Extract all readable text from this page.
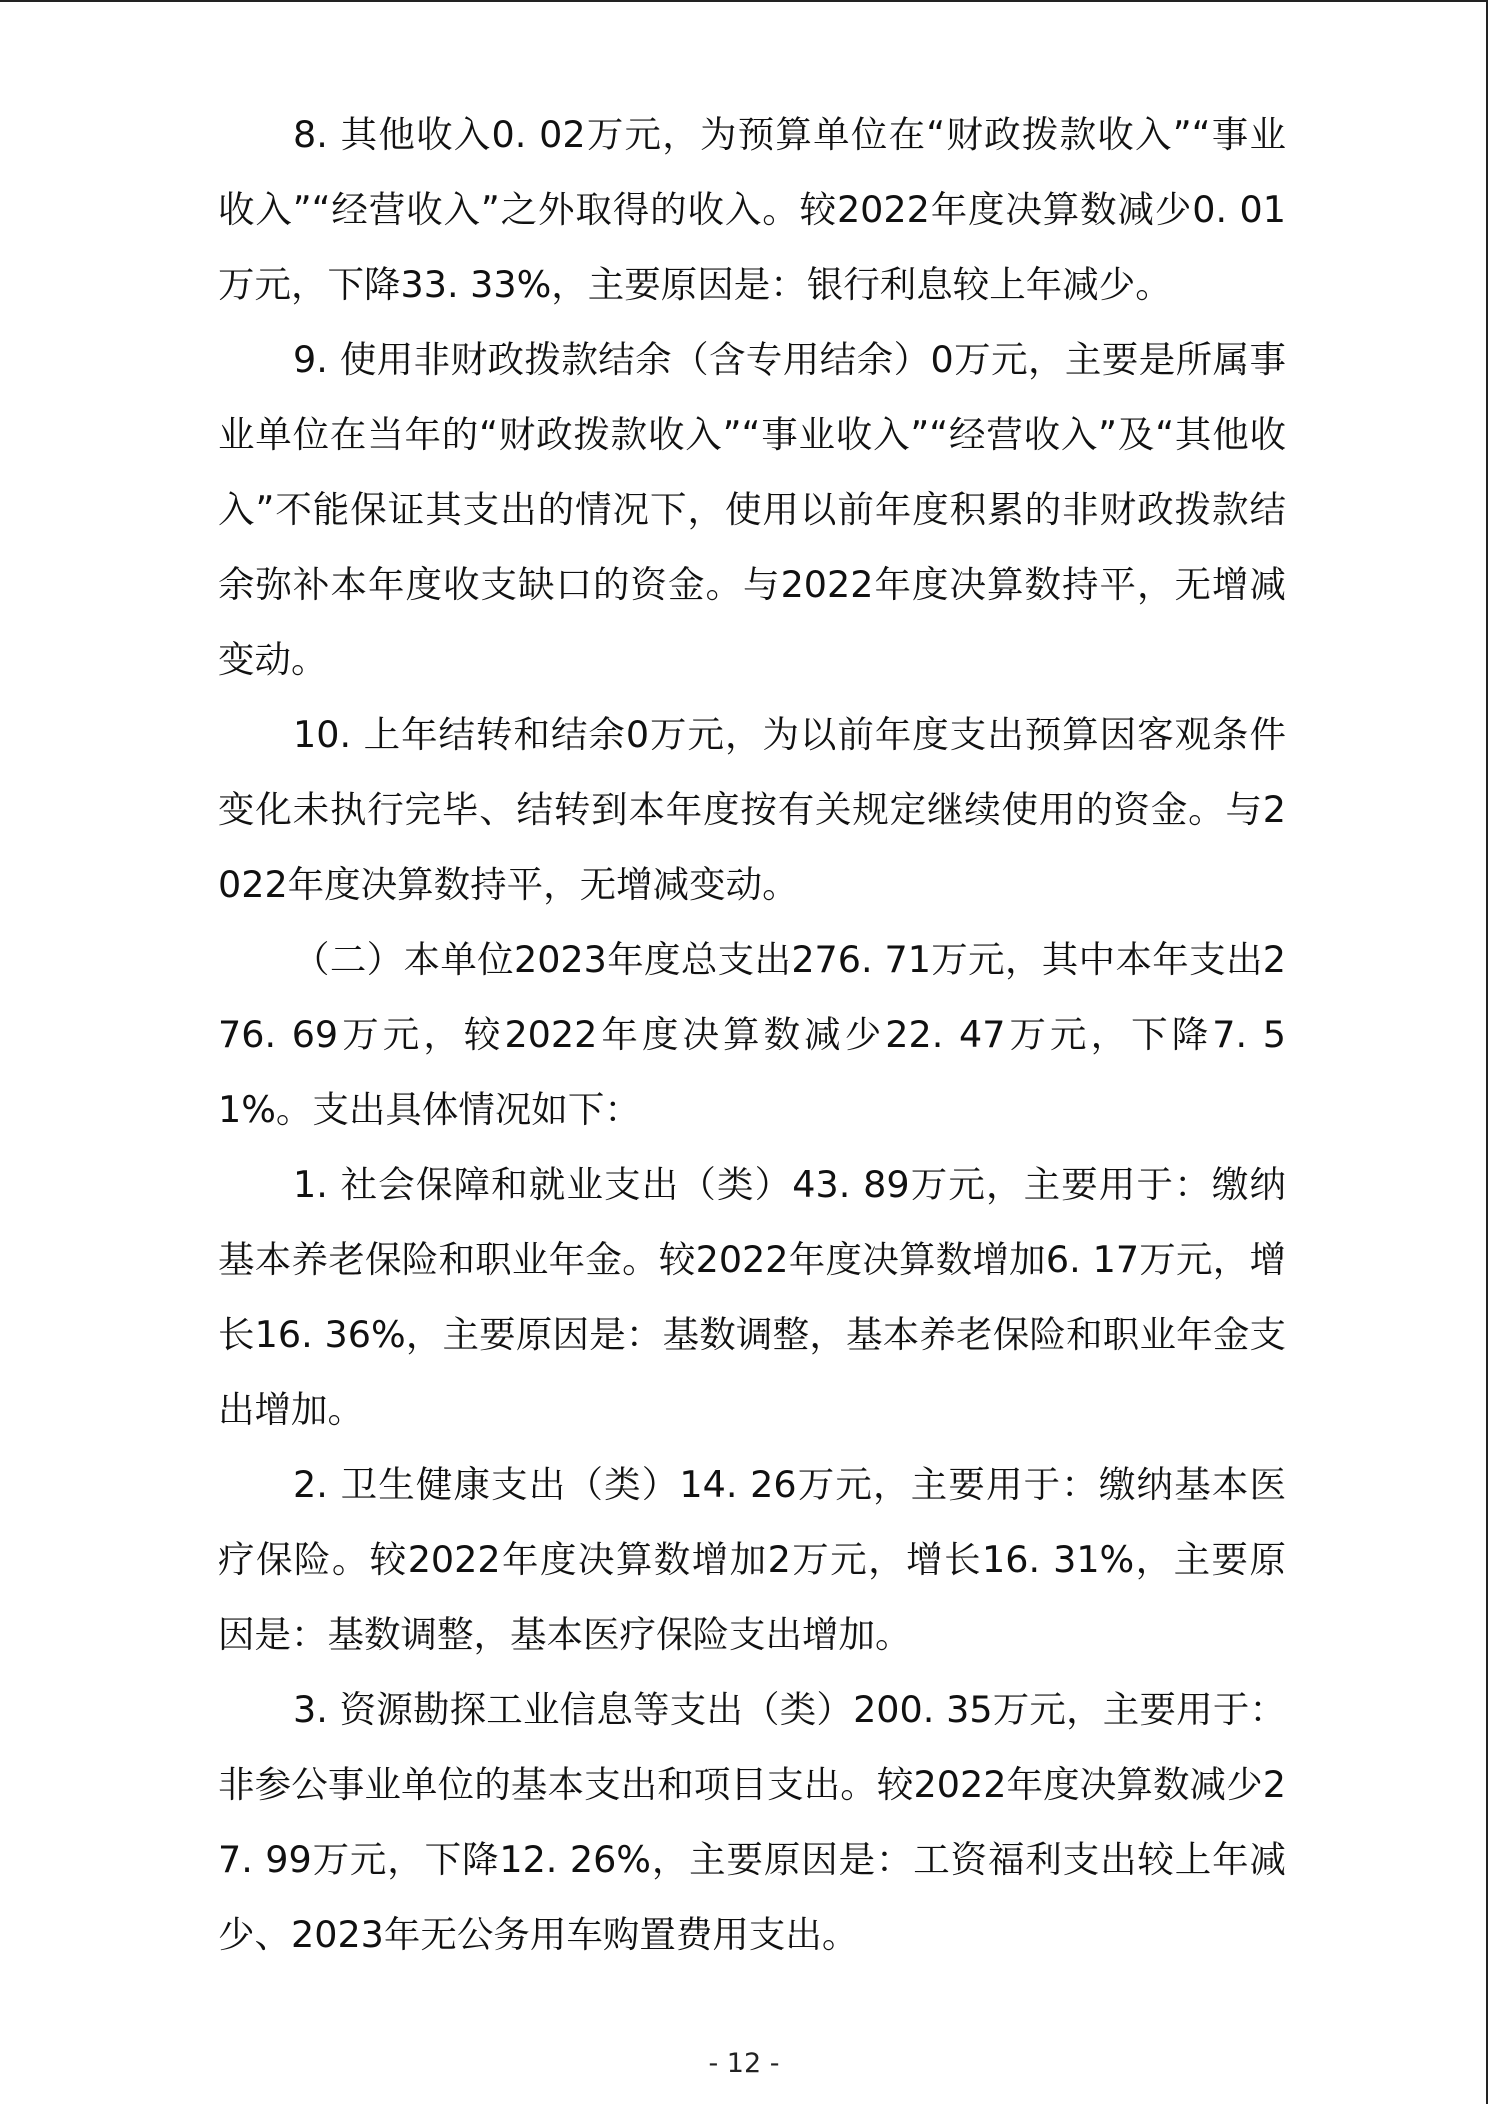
8. 其他收入0. 02万元，为预算单位在“财政拨款收入”“事业收入”“经营收入”之外取得的收入。较2022年度决算数减少0. 01万元，下降33. 33%，主要原因是：银行利息较上年减少。

9. 使用非财政拨款结余（含专用结余）0万元，主要是所属事业单位在当年的“财政拨款收入”“事业收入”“经营收入”及“其他收入”不能保证其支出的情况下，使用以前年度积累的非财政拨款结余弥补本年度收支缺口的资金。与2022年度决算数持平，无增减变动。

10. 上年结转和结余0万元，为以前年度支出预算因客观条件变化未执行完毕、结转到本年度按有关规定继续使用的资金。与2022年度决算数持平，无增减变动。

（二）本单位2023年度总支出276. 71万元，其中本年支出276. 69万元，较2022年度决算数减少22. 47万元，下降7. 51%。支出具体情况如下：

1. 社会保障和就业支出（类）43. 89万元，主要用于：缴纳基本养老保险和职业年金。较2022年度决算数增加6. 17万元，增长16. 36%，主要原因是：基数调整，基本养老保险和职业年金支出增加。

2. 卫生健康支出（类）14. 26万元，主要用于：缴纳基本医疗保险。较2022年度决算数增加2万元，增长16. 31%，主要原因是：基数调整，基本医疗保险支出增加。

3. 资源勘探工业信息等支出（类）200. 35万元，主要用于：非参公事业单位的基本支出和项目支出。较2022年度决算数减少27. 99万元，下降12. 26%，主要原因是：工资福利支出较上年减少、2023年无公务用车购置费用支出。

- 12 -
